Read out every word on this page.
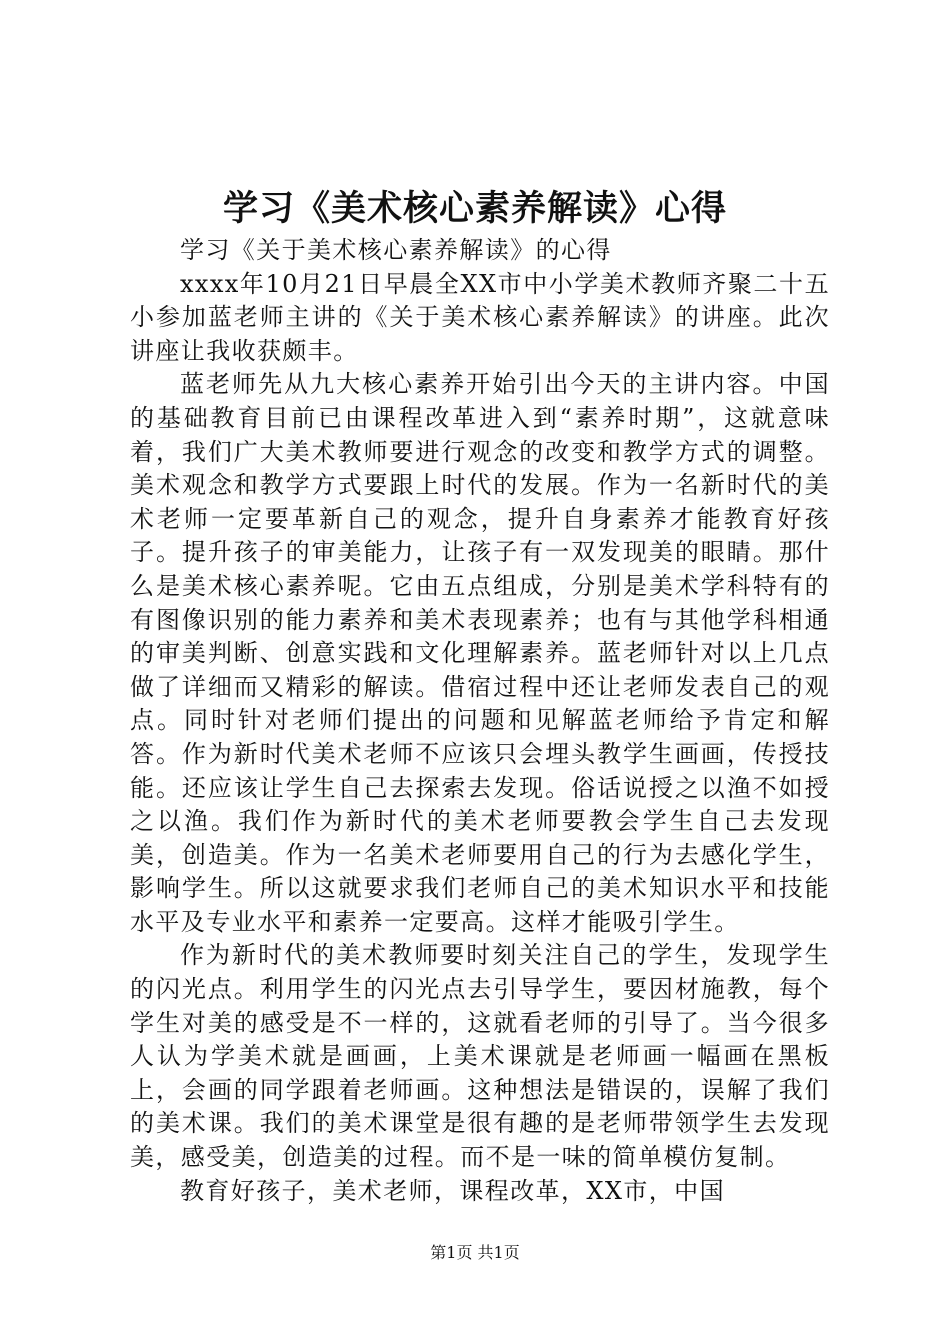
学习《美术核心素养解读》心得

学习《关于美术核心素养解读》的心得

xxxx年10月21日早晨全XX市中小学美术教师齐聚二十五小参加蓝老师主讲的《关于美术核心素养解读》的讲座。此次讲座让我收获颇丰。

蓝老师先从九大核心素养开始引出今天的主讲内容。中国的基础教育目前已由课程改革进入到“素养时期”，这就意味着，我们广大美术教师要进行观念的改变和教学方式的调整。美术观念和教学方式要跟上时代的发展。作为一名新时代的美术老师一定要革新自己的观念，提升自身素养才能教育好孩子。提升孩子的审美能力，让孩子有一双发现美的眼睛。那什么是美术核心素养呢。它由五点组成，分别是美术学科特有的有图像识别的能力素养和美术表现素养；也有与其他学科相通的审美判断、创意实践和文化理解素养。蓝老师针对以上几点做了详细而又精彩的解读。借宿过程中还让老师发表自己的观点。同时针对老师们提出的问题和见解蓝老师给予肯定和解答。作为新时代美术老师不应该只会埋头教学生画画，传授技能。还应该让学生自己去探索去发现。俗话说授之以渔不如授之以渔。我们作为新时代的美术老师要教会学生自己去发现美，创造美。作为一名美术老师要用自己的行为去感化学生，影响学生。所以这就要求我们老师自己的美术知识水平和技能水平及专业水平和素养一定要高。这样才能吸引学生。

作为新时代的美术教师要时刻关注自己的学生，发现学生的闪光点。利用学生的闪光点去引导学生，要因材施教，每个学生对美的感受是不一样的，这就看老师的引导了。当今很多人认为学美术就是画画，上美术课就是老师画一幅画在黑板上，会画的同学跟着老师画。这种想法是错误的，误解了我们的美术课。我们的美术课堂是很有趣的是老师带领学生去发现美，感受美，创造美的过程。而不是一味的简单模仿复制。

教育好孩子，美术老师，课程改革，XX市，中国

第1页 共1页
